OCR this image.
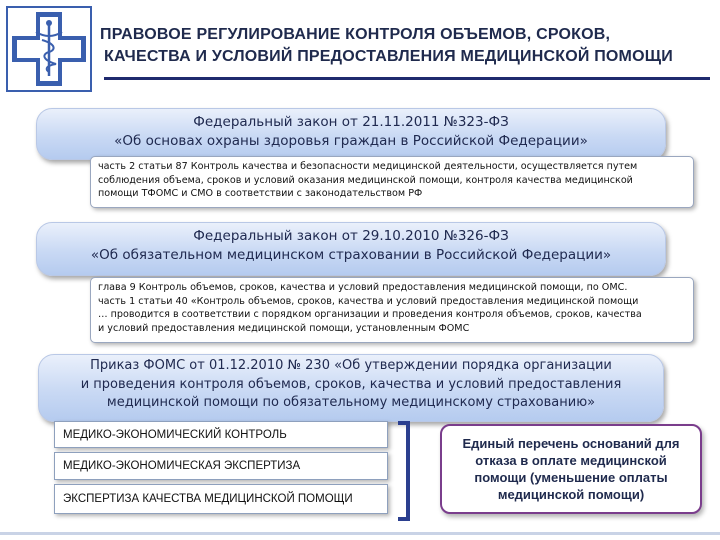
ПРАВОВОЕ РЕГУЛИРОВАНИЕ КОНТРОЛЯ ОБЪЕМОВ, СРОКОВ,
КАЧЕСТВА И УСЛОВИЙ ПРЕДОСТАВЛЕНИЯ МЕДИЦИНСКОЙ ПОМОЩИ
Федеральный закон от 21.11.2011 №323-ФЗ
«Об основах охраны здоровья граждан в Российской Федерации»
часть 2 статьи 87 Контроль качества и безопасности медицинской деятельности, осуществляется путем
соблюдения объема, сроков и условий оказания медицинской помощи, контроля качества медицинской
помощи ТФОМС и СМО в соответствии с законодательством РФ
Федеральный закон от 29.10.2010 №326-ФЗ
«Об обязательном медицинском страховании в Российской Федерации»
глава 9 Контроль объемов, сроков, качества и условий предоставления медицинской помощи, по ОМС.
часть 1 статьи 40 «Контроль объемов, сроков, качества и условий предоставления медицинской помощи
… проводится в соответствии с порядком организации и проведения контроля объемов, сроков, качества
и условий предоставления медицинской помощи, установленным ФОМС
Приказ ФОМС от 01.12.2010 № 230 «Об утверждении порядка организации
и проведения контроля объемов, сроков, качества и условий предоставления
медицинской помощи по обязательному медицинскому страхованию»
МЕДИКО-ЭКОНОМИЧЕСКИЙ КОНТРОЛЬ
МЕДИКО-ЭКОНОМИЧЕСКАЯ ЭКСПЕРТИЗА
ЭКСПЕРТИЗА КАЧЕСТВА МЕДИЦИНСКОЙ ПОМОЩИ
Единый перечень оснований для
отказа в оплате медицинской
помощи (уменьшение оплаты
медицинской помощи)
